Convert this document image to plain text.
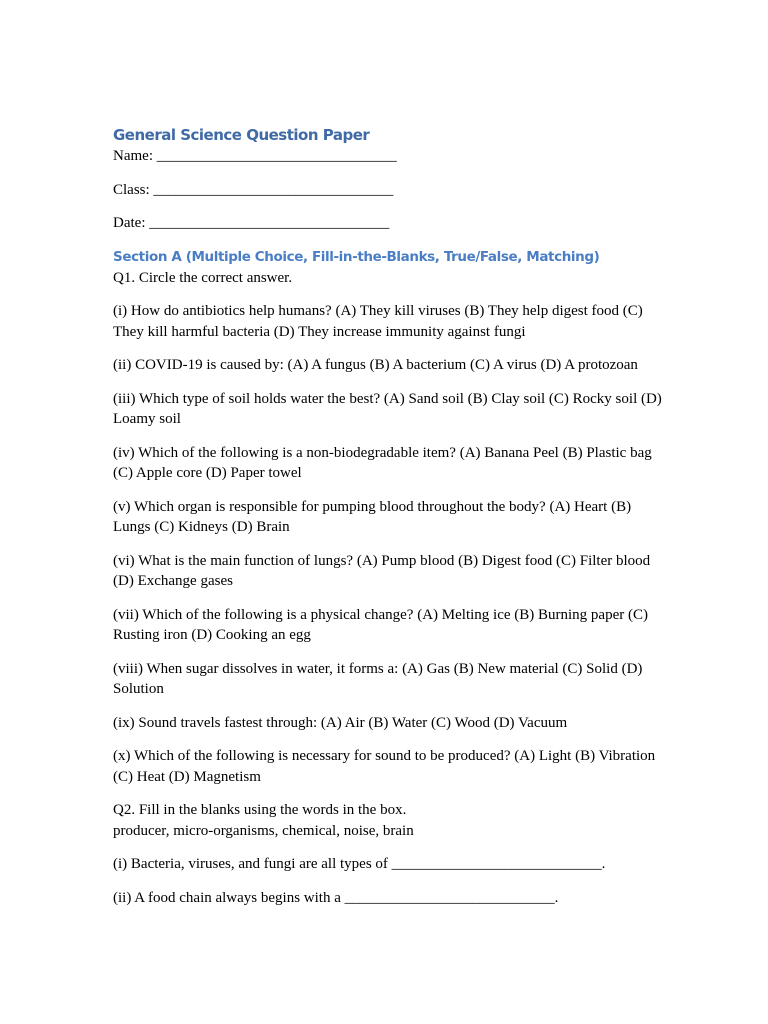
General Science Question Paper
Name: ________________________________
Class: ________________________________
Date: ________________________________
Section A (Multiple Choice, Fill-in-the-Blanks, True/False, Matching)
Q1. Circle the correct answer.
(i) How do antibiotics help humans? (A) They kill viruses (B) They help digest food (C) They kill harmful bacteria (D) They increase immunity against fungi
(ii) COVID-19 is caused by: (A) A fungus (B) A bacterium (C) A virus (D) A protozoan
(iii) Which type of soil holds water the best? (A) Sand soil (B) Clay soil (C) Rocky soil (D) Loamy soil
(iv) Which of the following is a non-biodegradable item? (A) Banana Peel (B) Plastic bag (C) Apple core (D) Paper towel
(v) Which organ is responsible for pumping blood throughout the body? (A) Heart (B) Lungs (C) Kidneys (D) Brain
(vi) What is the main function of lungs? (A) Pump blood (B) Digest food (C) Filter blood (D) Exchange gases
(vii) Which of the following is a physical change? (A) Melting ice (B) Burning paper (C) Rusting iron (D) Cooking an egg
(viii) When sugar dissolves in water, it forms a: (A) Gas (B) New material (C) Solid (D) Solution
(ix) Sound travels fastest through: (A) Air (B) Water (C) Wood (D) Vacuum
(x) Which of the following is necessary for sound to be produced? (A) Light (B) Vibration (C) Heat (D) Magnetism
Q2. Fill in the blanks using the words in the box.
producer, micro-organisms, chemical, noise, brain
(i) Bacteria, viruses, and fungi are all types of ____________________________.
(ii) A food chain always begins with a ____________________________.
